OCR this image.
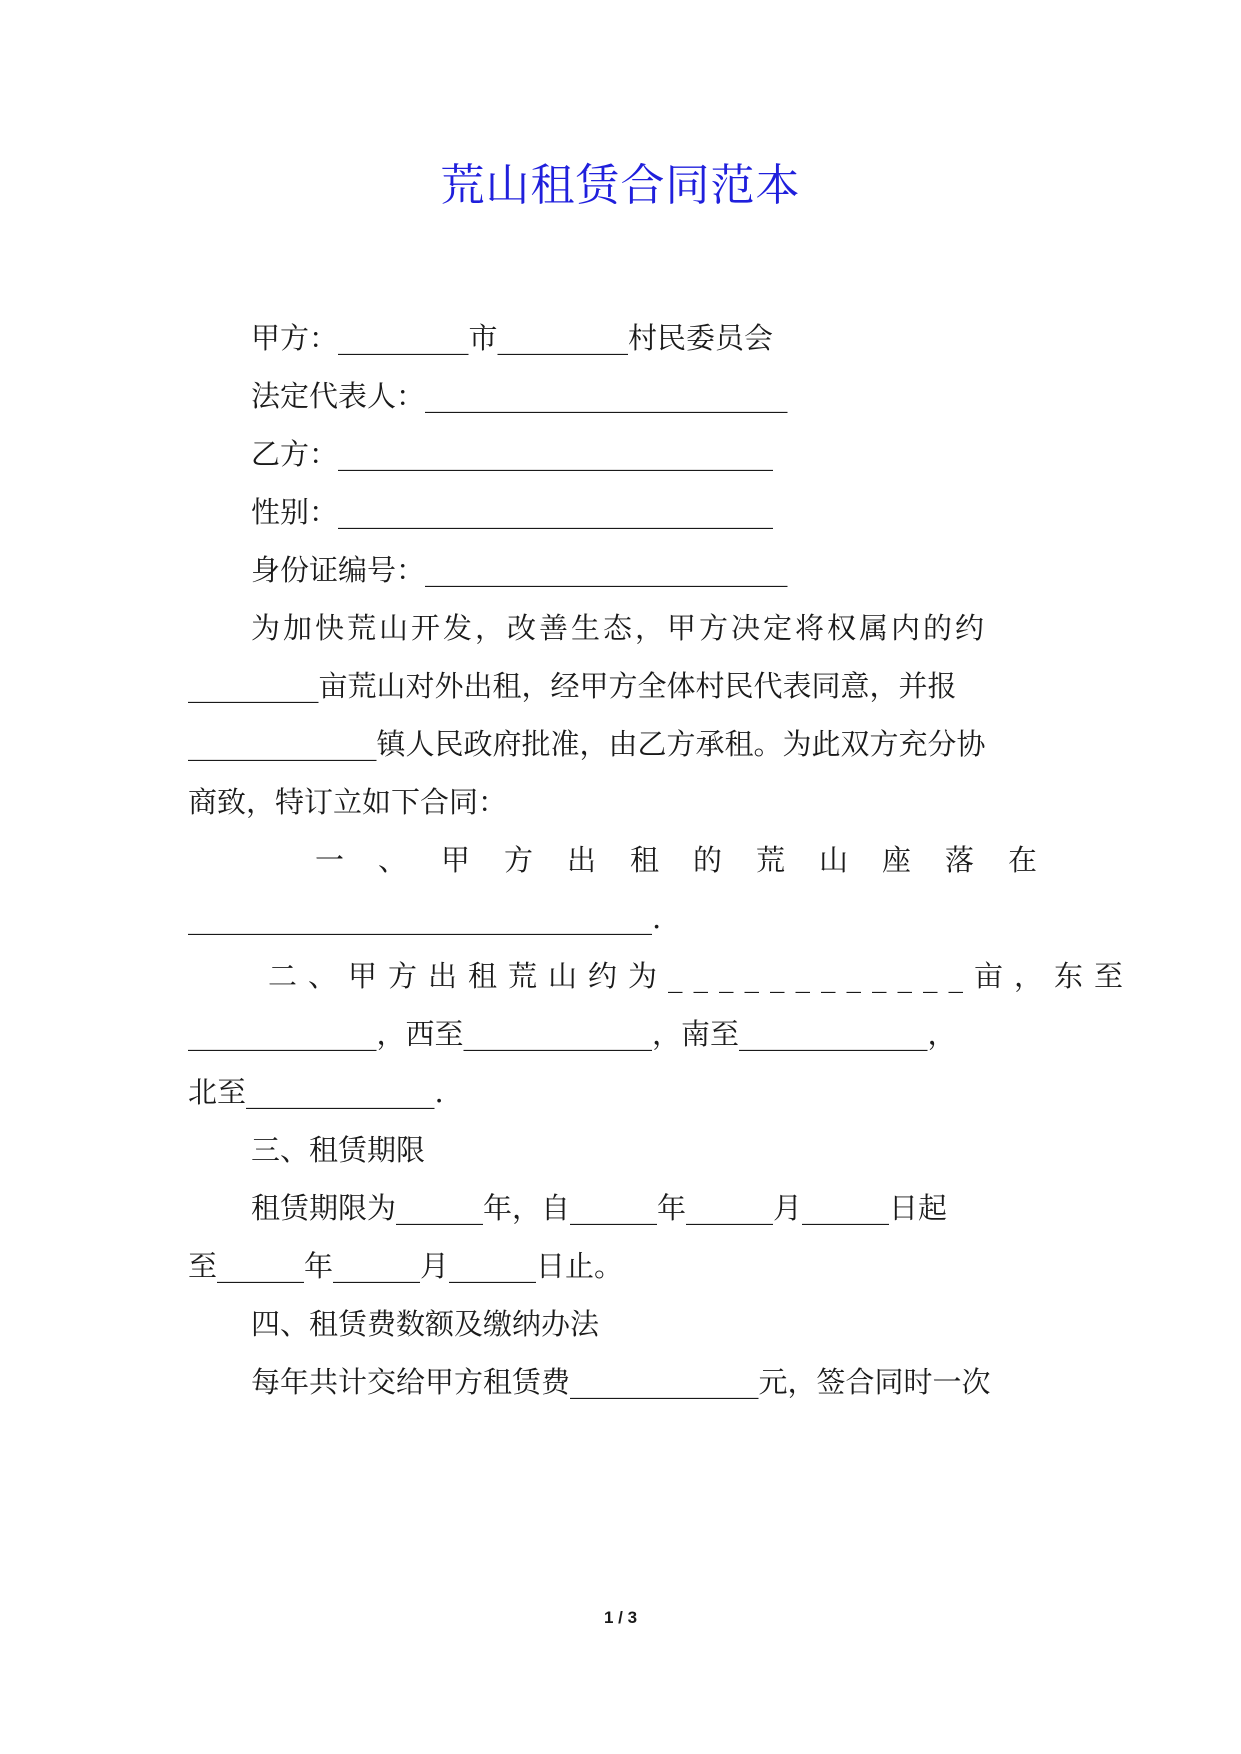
荒山租赁合同范本
甲方：_________市_________村民委员会
法定代表人：_________________________
乙方：______________________________
性别：______________________________
身份证编号：_________________________
为加快荒山开发，改善生态，甲方决定将权属内的约
_________亩荒山对外出租，经甲方全体村民代表同意，并报
_____________镇人民政府批准，由乙方承租。为此双方充分协
商致，特订立如下合同：
一、甲方出租的荒山座落在
________________________________.
二、甲方出租荒山约为____________亩，东至
_____________，西至_____________，南至_____________，
北至_____________.
三、租赁期限
租赁期限为______年，自______年______月______日起
至______年______月______日止。
四、租赁费数额及缴纳办法
每年共计交给甲方租赁费_____________元，签合同时一次
1 / 3
